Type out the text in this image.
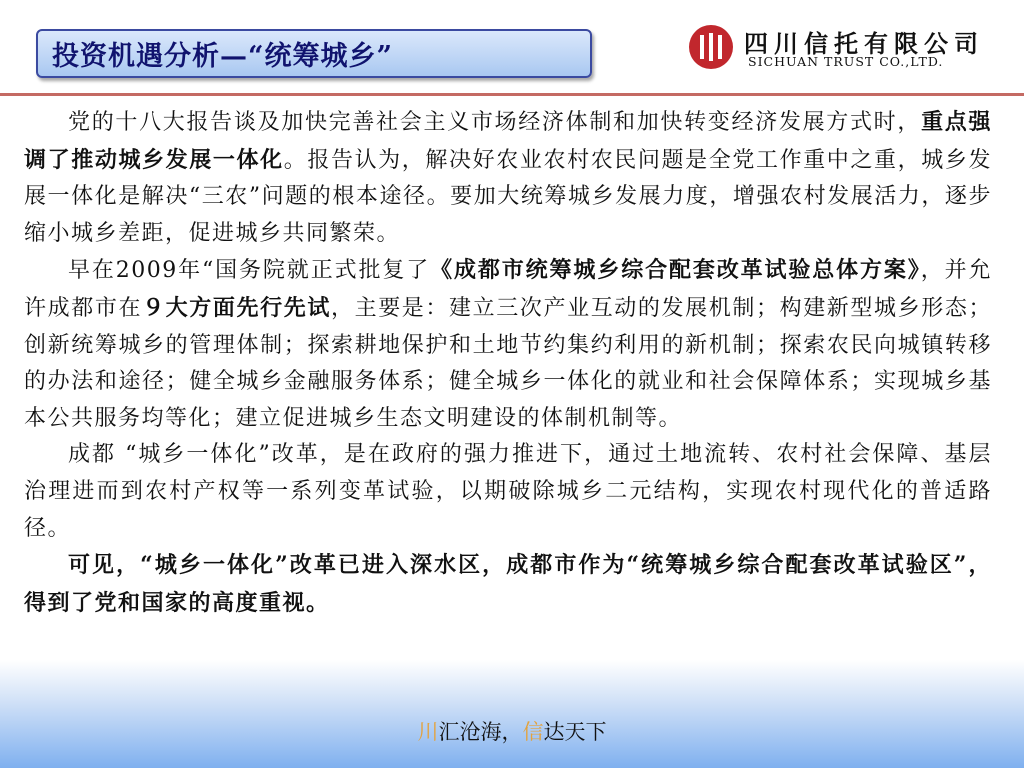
投资机遇分析—“统筹城乡”	四川信托有限公司
SICHUAN TRUST CO.,LTD.

党的十八大报告谈及加快完善社会主义市场经济体制和加快转变经济发展方式时，重点强调了推动城乡发展一体化。报告认为，解决好农业农村农民问题是全党工作重中之重，城乡发展一体化是解决“三农”问题的根本途径。要加大统筹城乡发展力度，增强农村发展活力，逐步缩小城乡差距，促进城乡共同繁荣。

早在2009年“国务院就正式批复了《成都市统筹城乡综合配套改革试验总体方案》，并允许成都市在９大方面先行先试，主要是：建立三次产业互动的发展机制；构建新型城乡形态；创新统筹城乡的管理体制；探索耕地保护和土地节约集约利用的新机制；探索农民向城镇转移的办法和途径；健全城乡金融服务体系；健全城乡一体化的就业和社会保障体系；实现城乡基本公共服务均等化；建立促进城乡生态文明建设的体制机制等。

成都 “城乡一体化”改革，是在政府的强力推进下，通过土地流转、农村社会保障、基层治理进而到农村产权等一系列变革试验，以期破除城乡二元结构，实现农村现代化的普适路径。

可见，“城乡一体化”改革已进入深水区，成都市作为“统筹城乡综合配套改革试验区”，得到了党和国家的高度重视。

川汇沧海，信达天下
